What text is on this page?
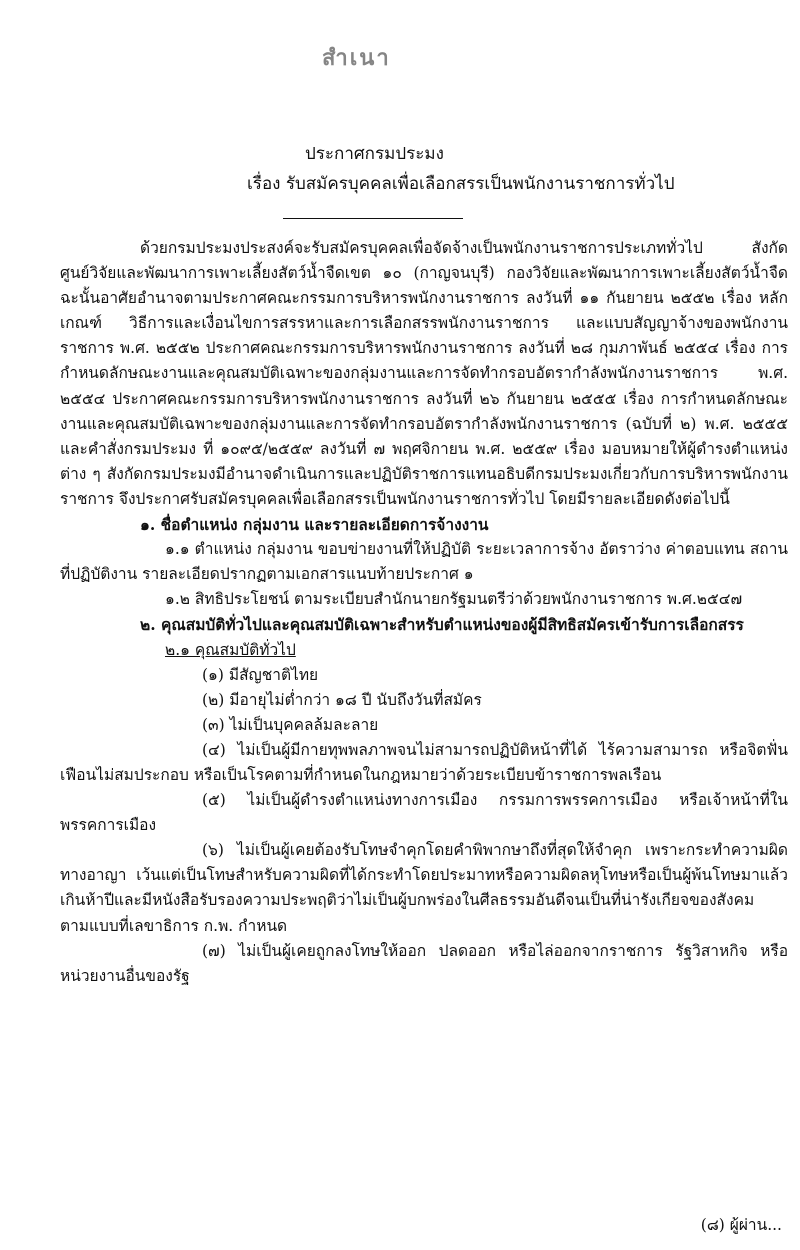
สำเนา
ประกาศกรมประมง
เรื่อง รับสมัครบุคคลเพื่อเลือกสรรเป็นพนักงานราชการทั่วไป

ด้วยกรมประมงประสงค์จะรับสมัครบุคคลเพื่อจัดจ้างเป็นพนักงานราชการประเภททั่วไป สังกัดศูนย์วิจัยและพัฒนาการเพาะเลี้ยงสัตว์น้ำจืดเขต ๑๐ (กาญจนบุรี) กองวิจัยและพัฒนาการเพาะเลี้ยงสัตว์น้ำจืด ฉะนั้นอาศัยอำนาจตามประกาศคณะกรรมการบริหารพนักงานราชการ ลงวันที่ ๑๑ กันยายน ๒๕๕๒ เรื่อง หลักเกณฑ์ วิธีการและเงื่อนไขการสรรหาและการเลือกสรรพนักงานราชการ และแบบสัญญาจ้างของพนักงานราชการ พ.ศ. ๒๕๕๒ ประกาศคณะกรรมการบริหารพนักงานราชการ ลงวันที่ ๒๘ กุมภาพันธ์ ๒๕๕๔ เรื่อง การกำหนดลักษณะงานและคุณสมบัติเฉพาะของกลุ่มงานและการจัดทำกรอบอัตรากำลังพนักงานราชการ พ.ศ. ๒๕๕๔ ประกาศคณะกรรมการบริหารพนักงานราชการ ลงวันที่ ๒๖ กันยายน ๒๕๕๕ เรื่อง การกำหนดลักษณะงานและคุณสมบัติเฉพาะของกลุ่มงานและการจัดทำกรอบอัตรากำลังพนักงานราชการ (ฉบับที่ ๒) พ.ศ. ๒๕๕๕ และคำสั่งกรมประมง ที่ ๑๐๙๕/๒๕๕๙ ลงวันที่ ๗ พฤศจิกายน พ.ศ. ๒๕๕๙ เรื่อง มอบหมายให้ผู้ดำรงตำแหน่งต่าง ๆ สังกัดกรมประมงมีอำนาจดำเนินการและปฏิบัติราชการแทนอธิบดีกรมประมงเกี่ยวกับการบริหารพนักงานราชการ จึงประกาศรับสมัครบุคคลเพื่อเลือกสรรเป็นพนักงานราชการทั่วไป โดยมีรายละเอียดดังต่อไปนี้

๑. ชื่อตำแหน่ง กลุ่มงาน และรายละเอียดการจ้างงาน

๑.๑ ตำแหน่ง กลุ่มงาน ขอบข่ายงานที่ให้ปฏิบัติ ระยะเวลาการจ้าง อัตราว่าง ค่าตอบแทน สถานที่ปฏิบัติงาน รายละเอียดปรากฏตามเอกสารแนบท้ายประกาศ ๑

๑.๒ สิทธิประโยชน์ ตามระเบียบสำนักนายกรัฐมนตรีว่าด้วยพนักงานราชการ พ.ศ.๒๕๔๗

๒. คุณสมบัติทั่วไปและคุณสมบัติเฉพาะสำหรับตำแหน่งของผู้มีสิทธิสมัครเข้ารับการเลือกสรร

๒.๑ คุณสมบัติทั่วไป

(๑) มีสัญชาติไทย

(๒) มีอายุไม่ต่ำกว่า ๑๘ ปี นับถึงวันที่สมัคร

(๓) ไม่เป็นบุคคลล้มละลาย

(๔) ไม่เป็นผู้มีกายทุพพลภาพจนไม่สามารถปฏิบัติหน้าที่ได้ ไร้ความสามารถ หรือจิตฟั่นเฟือนไม่สมประกอบ หรือเป็นโรคตามที่กำหนดในกฎหมายว่าด้วยระเบียบข้าราชการพลเรือน

(๕) ไม่เป็นผู้ดำรงตำแหน่งทางการเมือง กรรมการพรรคการเมือง หรือเจ้าหน้าที่ในพรรคการเมือง

(๖) ไม่เป็นผู้เคยต้องรับโทษจำคุกโดยคำพิพากษาถึงที่สุดให้จำคุก เพราะกระทำความผิดทางอาญา เว้นแต่เป็นโทษสำหรับความผิดที่ได้กระทำโดยประมาทหรือความผิดลหุโทษหรือเป็นผู้พ้นโทษมาแล้วเกินห้าปีและมีหนังสือรับรองความประพฤติว่าไม่เป็นผู้บกพร่องในศีลธรรมอันดีจนเป็นที่น่ารังเกียจของสังคม ตามแบบที่เลขาธิการ ก.พ. กำหนด

(๗) ไม่เป็นผู้เคยถูกลงโทษให้ออก ปลดออก หรือไล่ออกจากราชการ รัฐวิสาหกิจ หรือหน่วยงานอื่นของรัฐ

(๘) ผู้ผ่าน...
